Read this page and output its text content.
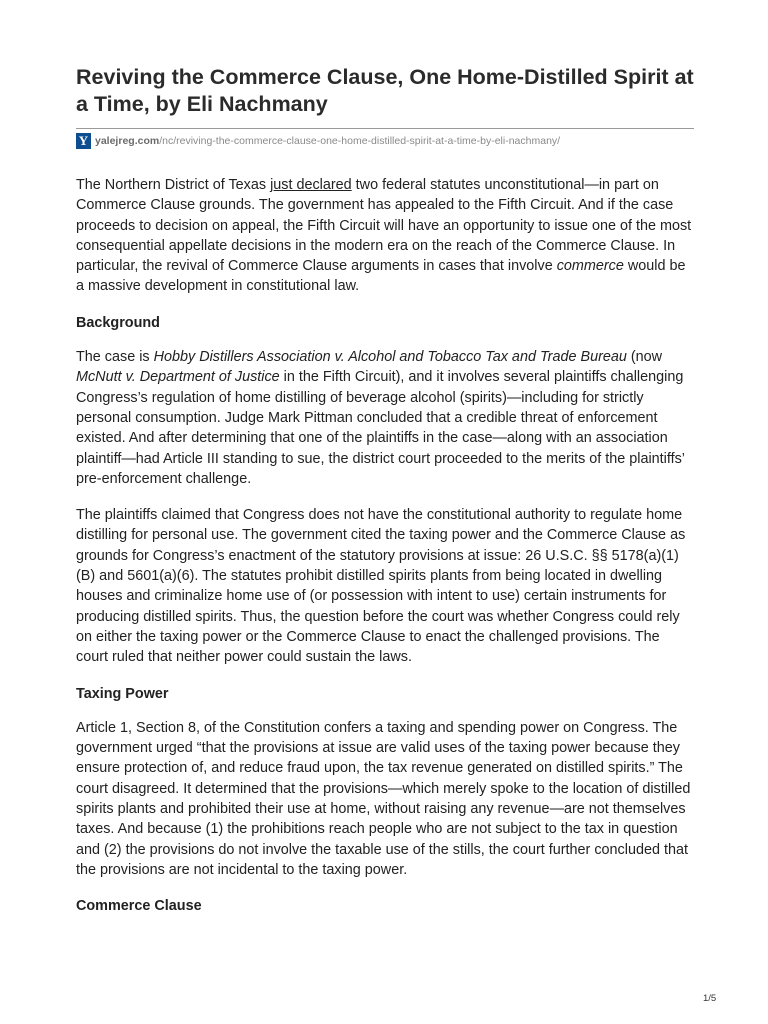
Reviving the Commerce Clause, One Home-Distilled Spirit at a Time, by Eli Nachmany
Y yalejreg.com /nc/reviving-the-commerce-clause-one-home-distilled-spirit-at-a-time-by-eli-nachmany/

The Northern District of Texas just declared two federal statutes unconstitutional—in part on Commerce Clause grounds. The government has appealed to the Fifth Circuit. And if the case proceeds to decision on appeal, the Fifth Circuit will have an opportunity to issue one of the most consequential appellate decisions in the modern era on the reach of the Commerce Clause. In particular, the revival of Commerce Clause arguments in cases that involve commerce would be a massive development in constitutional law.

Background

The case is Hobby Distillers Association v. Alcohol and Tobacco Tax and Trade Bureau (now McNutt v. Department of Justice in the Fifth Circuit), and it involves several plaintiffs challenging Congress’s regulation of home distilling of beverage alcohol (spirits)—including for strictly personal consumption. Judge Mark Pittman concluded that a credible threat of enforcement existed. And after determining that one of the plaintiffs in the case—along with an association plaintiff—had Article III standing to sue, the district court proceeded to the merits of the plaintiffs’ pre-enforcement challenge.

The plaintiffs claimed that Congress does not have the constitutional authority to regulate home distilling for personal use. The government cited the taxing power and the Commerce Clause as grounds for Congress’s enactment of the statutory provisions at issue: 26 U.S.C. §§ 5178(a)(1)(B) and 5601(a)(6). The statutes prohibit distilled spirits plants from being located in dwelling houses and criminalize home use of (or possession with intent to use) certain instruments for producing distilled spirits. Thus, the question before the court was whether Congress could rely on either the taxing power or the Commerce Clause to enact the challenged provisions. The court ruled that neither power could sustain the laws.

Taxing Power

Article 1, Section 8, of the Constitution confers a taxing and spending power on Congress. The government urged “that the provisions at issue are valid uses of the taxing power because they ensure protection of, and reduce fraud upon, the tax revenue generated on distilled spirits.” The court disagreed. It determined that the provisions—which merely spoke to the location of distilled spirits plants and prohibited their use at home, without raising any revenue—are not themselves taxes. And because (1) the prohibitions reach people who are not subject to the tax in question and (2) the provisions do not involve the taxable use of the stills, the court further concluded that the provisions are not incidental to the taxing power.

Commerce Clause
1/5
